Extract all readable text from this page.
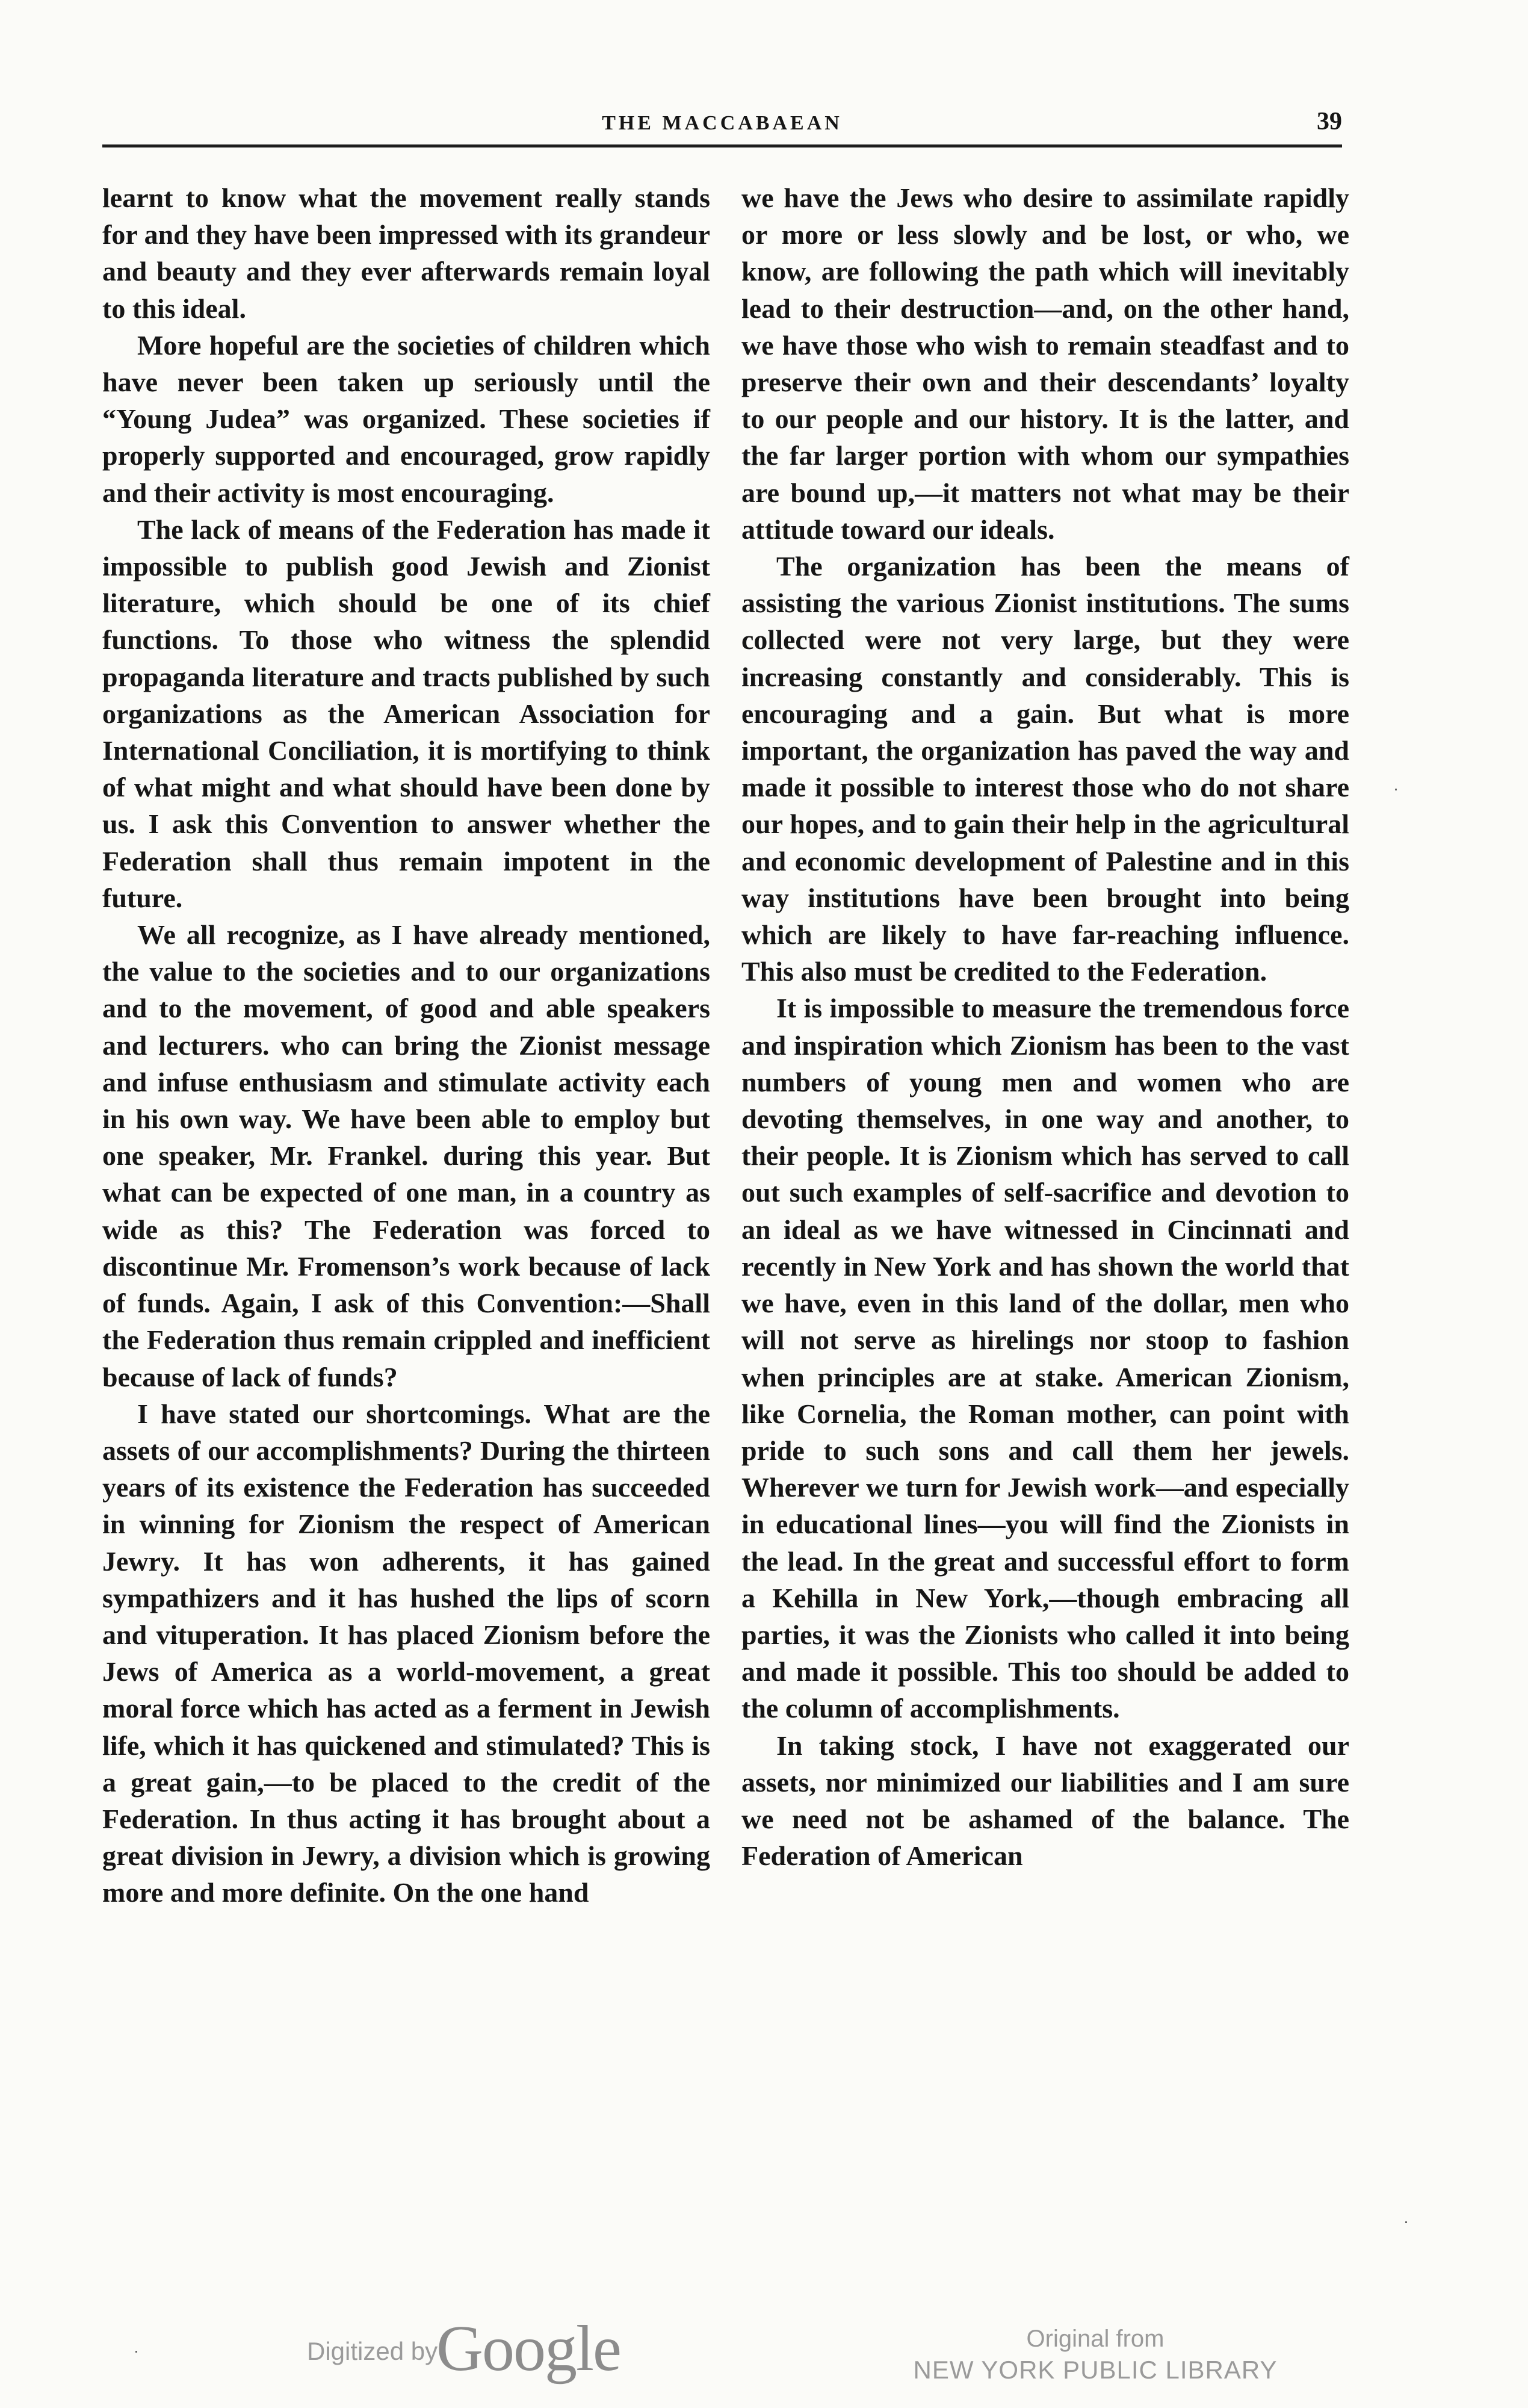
THE MACCABAEAN	39

learnt to know what the movement really stands for and they have been impressed with its grandeur and beauty and they ever afterwards remain loyal to this ideal.

More hopeful are the societies of children which have never been taken up seriously until the “Young Judea” was organized. These societies if properly supported and encouraged, grow rapidly and their activity is most encouraging.

The lack of means of the Federation has made it impossible to publish good Jewish and Zionist literature, which should be one of its chief functions. To those who witness the splendid propaganda literature and tracts published by such organizations as the American Association for International Conciliation, it is mortifying to think of what might and what should have been done by us. I ask this Convention to answer whether the Federation shall thus remain impotent in the future.

We all recognize, as I have already mentioned, the value to the societies and to our organizations and to the movement, of good and able speakers and lecturers. who can bring the Zionist message and infuse enthusiasm and stimulate activity each in his own way. We have been able to employ but one speaker, Mr. Frankel. during this year. But what can be expected of one man, in a country as wide as this? The Federation was forced to discontinue Mr. Fromenson’s work because of lack of funds. Again, I ask of this Convention:—Shall the Federation thus remain crippled and inefficient because of lack of funds?

I have stated our shortcomings. What are the assets of our accomplishments? During the thirteen years of its existence the Federation has succeeded in winning for Zionism the respect of American Jewry. It has won adherents, it has gained sympathizers and it has hushed the lips of scorn and vituperation. It has placed Zionism before the Jews of America as a world-movement, a great moral force which has acted as a ferment in Jewish life, which it has quickened and stimulated? This is a great gain,—to be placed to the credit of the Federation. In thus acting it has brought about a great division in Jewry, a division which is growing more and more definite. On the one hand

we have the Jews who desire to assimilate rapidly or more or less slowly and be lost, or who, we know, are following the path which will inevitably lead to their destruction—and, on the other hand, we have those who wish to remain steadfast and to preserve their own and their descendants’ loyalty to our people and our history. It is the latter, and the far larger portion with whom our sympathies are bound up,—it matters not what may be their attitude toward our ideals.

The organization has been the means of assisting the various Zionist institutions. The sums collected were not very large, but they were increasing constantly and considerably. This is encouraging and a gain. But what is more important, the organization has paved the way and made it possible to interest those who do not share our hopes, and to gain their help in the agricultural and economic development of Palestine and in this way institutions have been brought into being which are likely to have far-reaching influence. This also must be credited to the Federation.

It is impossible to measure the tremendous force and inspiration which Zionism has been to the vast numbers of young men and women who are devoting themselves, in one way and another, to their people. It is Zionism which has served to call out such examples of self-sacrifice and devotion to an ideal as we have witnessed in Cincinnati and recently in New York and has shown the world that we have, even in this land of the dollar, men who will not serve as hirelings nor stoop to fashion when principles are at stake. American Zionism, like Cornelia, the Roman mother, can point with pride to such sons and call them her jewels. Wherever we turn for Jewish work—and especially in educational lines—you will find the Zionists in the lead. In the great and successful effort to form a Kehilla in New York,—though embracing all parties, it was the Zionists who called it into being and made it possible. This too should be added to the column of accomplishments.

In taking stock, I have not exaggerated our assets, nor minimized our liabilities and I am sure we need not be ashamed of the balance. The Federation of American

Digitized by
Google	Original from
NEW YORK PUBLIC LIBRARY
